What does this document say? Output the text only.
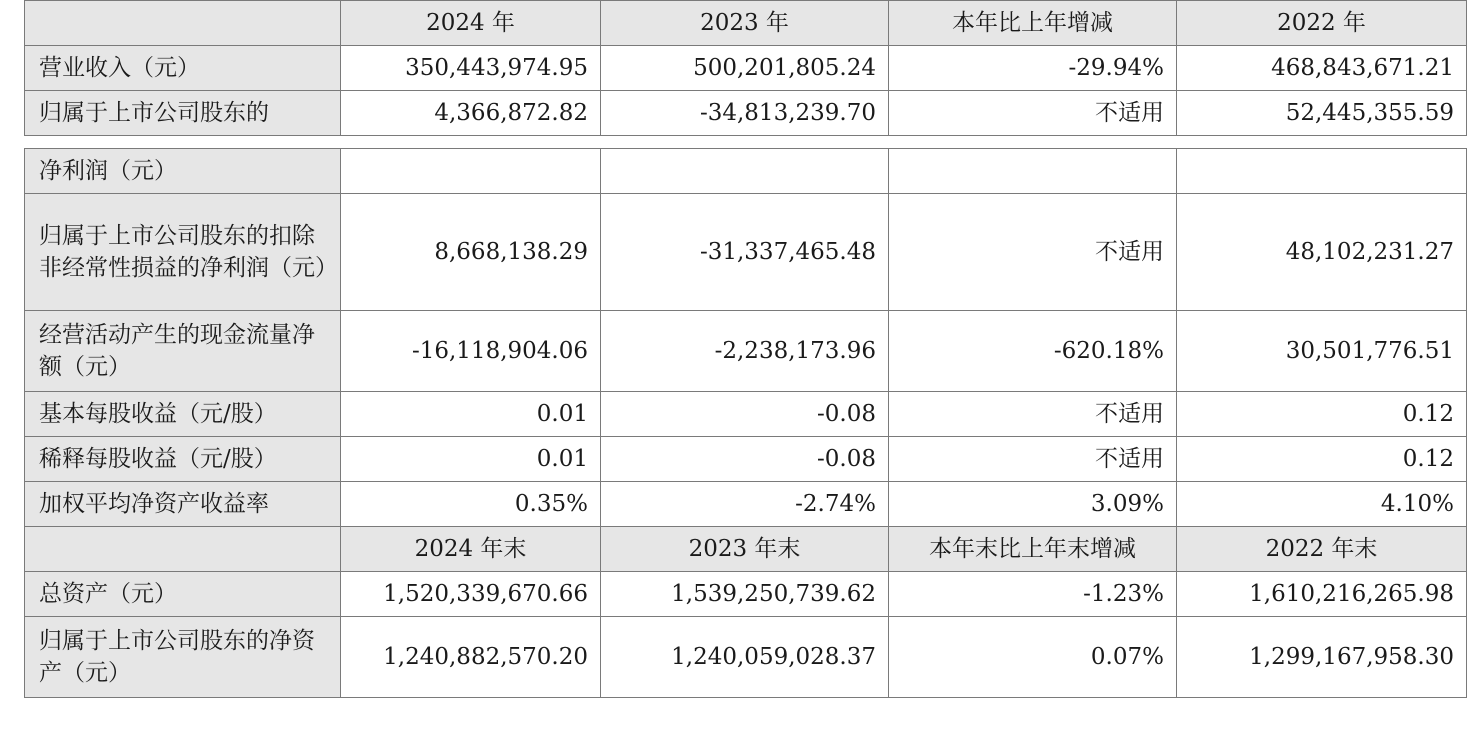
	2024 年	2023 年	本年比上年增减	2022 年
营业收入（元）	350,443,974.95	500,201,805.24	-29.94%	468,843,671.21
归属于上市公司股东的	4,366,872.82	-34,813,239.70	不适用	52,445,355.59
净利润（元）				
归属于上市公司股东的扣除非经常性损益的净利润（元）	8,668,138.29	-31,337,465.48	不适用	48,102,231.27
经营活动产生的现金流量净额（元）	-16,118,904.06	-2,238,173.96	-620.18%	30,501,776.51
基本每股收益（元/股）	0.01	-0.08	不适用	0.12
稀释每股收益（元/股）	0.01	-0.08	不适用	0.12
加权平均净资产收益率	0.35%	-2.74%	3.09%	4.10%
	2024 年末	2023 年末	本年末比上年末增减	2022 年末
总资产（元）	1,520,339,670.66	1,539,250,739.62	-1.23%	1,610,216,265.98
归属于上市公司股东的净资产（元）	1,240,882,570.20	1,240,059,028.37	0.07%	1,299,167,958.30
